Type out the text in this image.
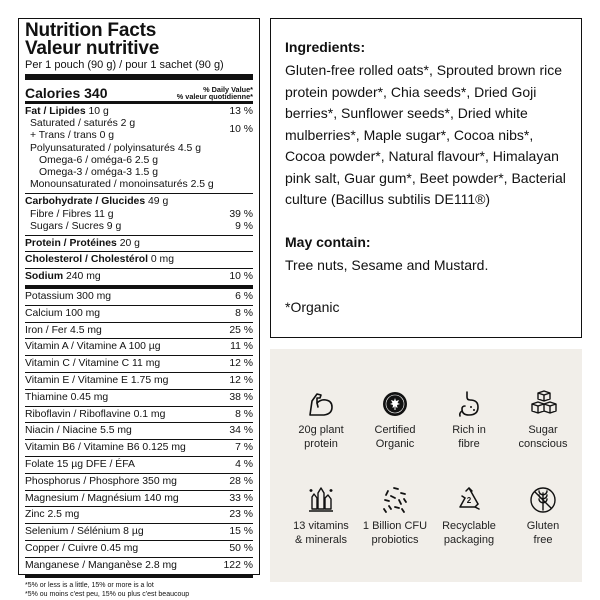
Nutrition Facts
Valeur nutritive
Per 1 pouch (90 g) / pour 1 sachet (90 g)
Calories 340	% Daily Value*
% valeur quotidienne*
Fat / Lipides 10 g	13 %
Saturated / saturés 2 g
+ Trans / trans 0 g
10 %
Polyunsaturated / polyinsaturés 4.5 g
Omega-6 / oméga-6 2.5 g
Omega-3 / oméga-3 1.5 g
Monounsaturated / monoinsaturés 2.5 g
Carbohydrate / Glucides 49 g
Fibre / Fibres 11 g	39 %
Sugars / Sucres 9 g	9 %
Protein / Protéines 20 g
Cholesterol / Cholestérol 0 mg
Sodium 240 mg	10 %
Potassium 300 mg	6 %
Calcium 100 mg	8 %
Iron / Fer 4.5 mg	25 %
Vitamin A / Vitamine A 100 µg	11 %
Vitamin C / Vitamine C 11 mg	12 %
Vitamin E / Vitamine E 1.75 mg	12 %
Thiamine 0.45 mg	38 %
Riboflavin / Riboflavine 0.1 mg	8 %
Niacin / Niacine 5.5 mg	34 %
Vitamin B6 / Vitamine B6 0.125 mg	7 %
Folate 15 µg DFE / ÉFA	4 %
Phosphorus / Phosphore 350 mg	28 %
Magnesium / Magnésium 140 mg	33 %
Zinc 2.5 mg	23 %
Selenium / Sélénium 8 µg	15 %
Copper / Cuivre 0.45 mg	50 %
Manganese / Manganèse 2.8 mg	122 %
*5% or less is a little, 15% or more is a lot
*5% ou moins c'est peu, 15% ou plus c'est beaucoup
Ingredients:
Gluten-free rolled oats*, Sprouted brown rice protein powder*, Chia seeds*, Dried Goji berries*, Sunflower seeds*, Dried white mulberries*, Maple sugar*, Cocoa nibs*, Cocoa powder*, Natural flavour*, Himalayan pink salt, Guar gum*, Beet powder*, Bacterial culture (Bacillus subtilis DE111®)
May contain:
Tree nuts, Sesame and Mustard.
*Organic
20g plant
protein
Certified
Organic
Rich in
fibre
Sugar
conscious
13 vitamins
& minerals
1 Billion CFU
probiotics
2
Recyclable
packaging
Gluten
free
